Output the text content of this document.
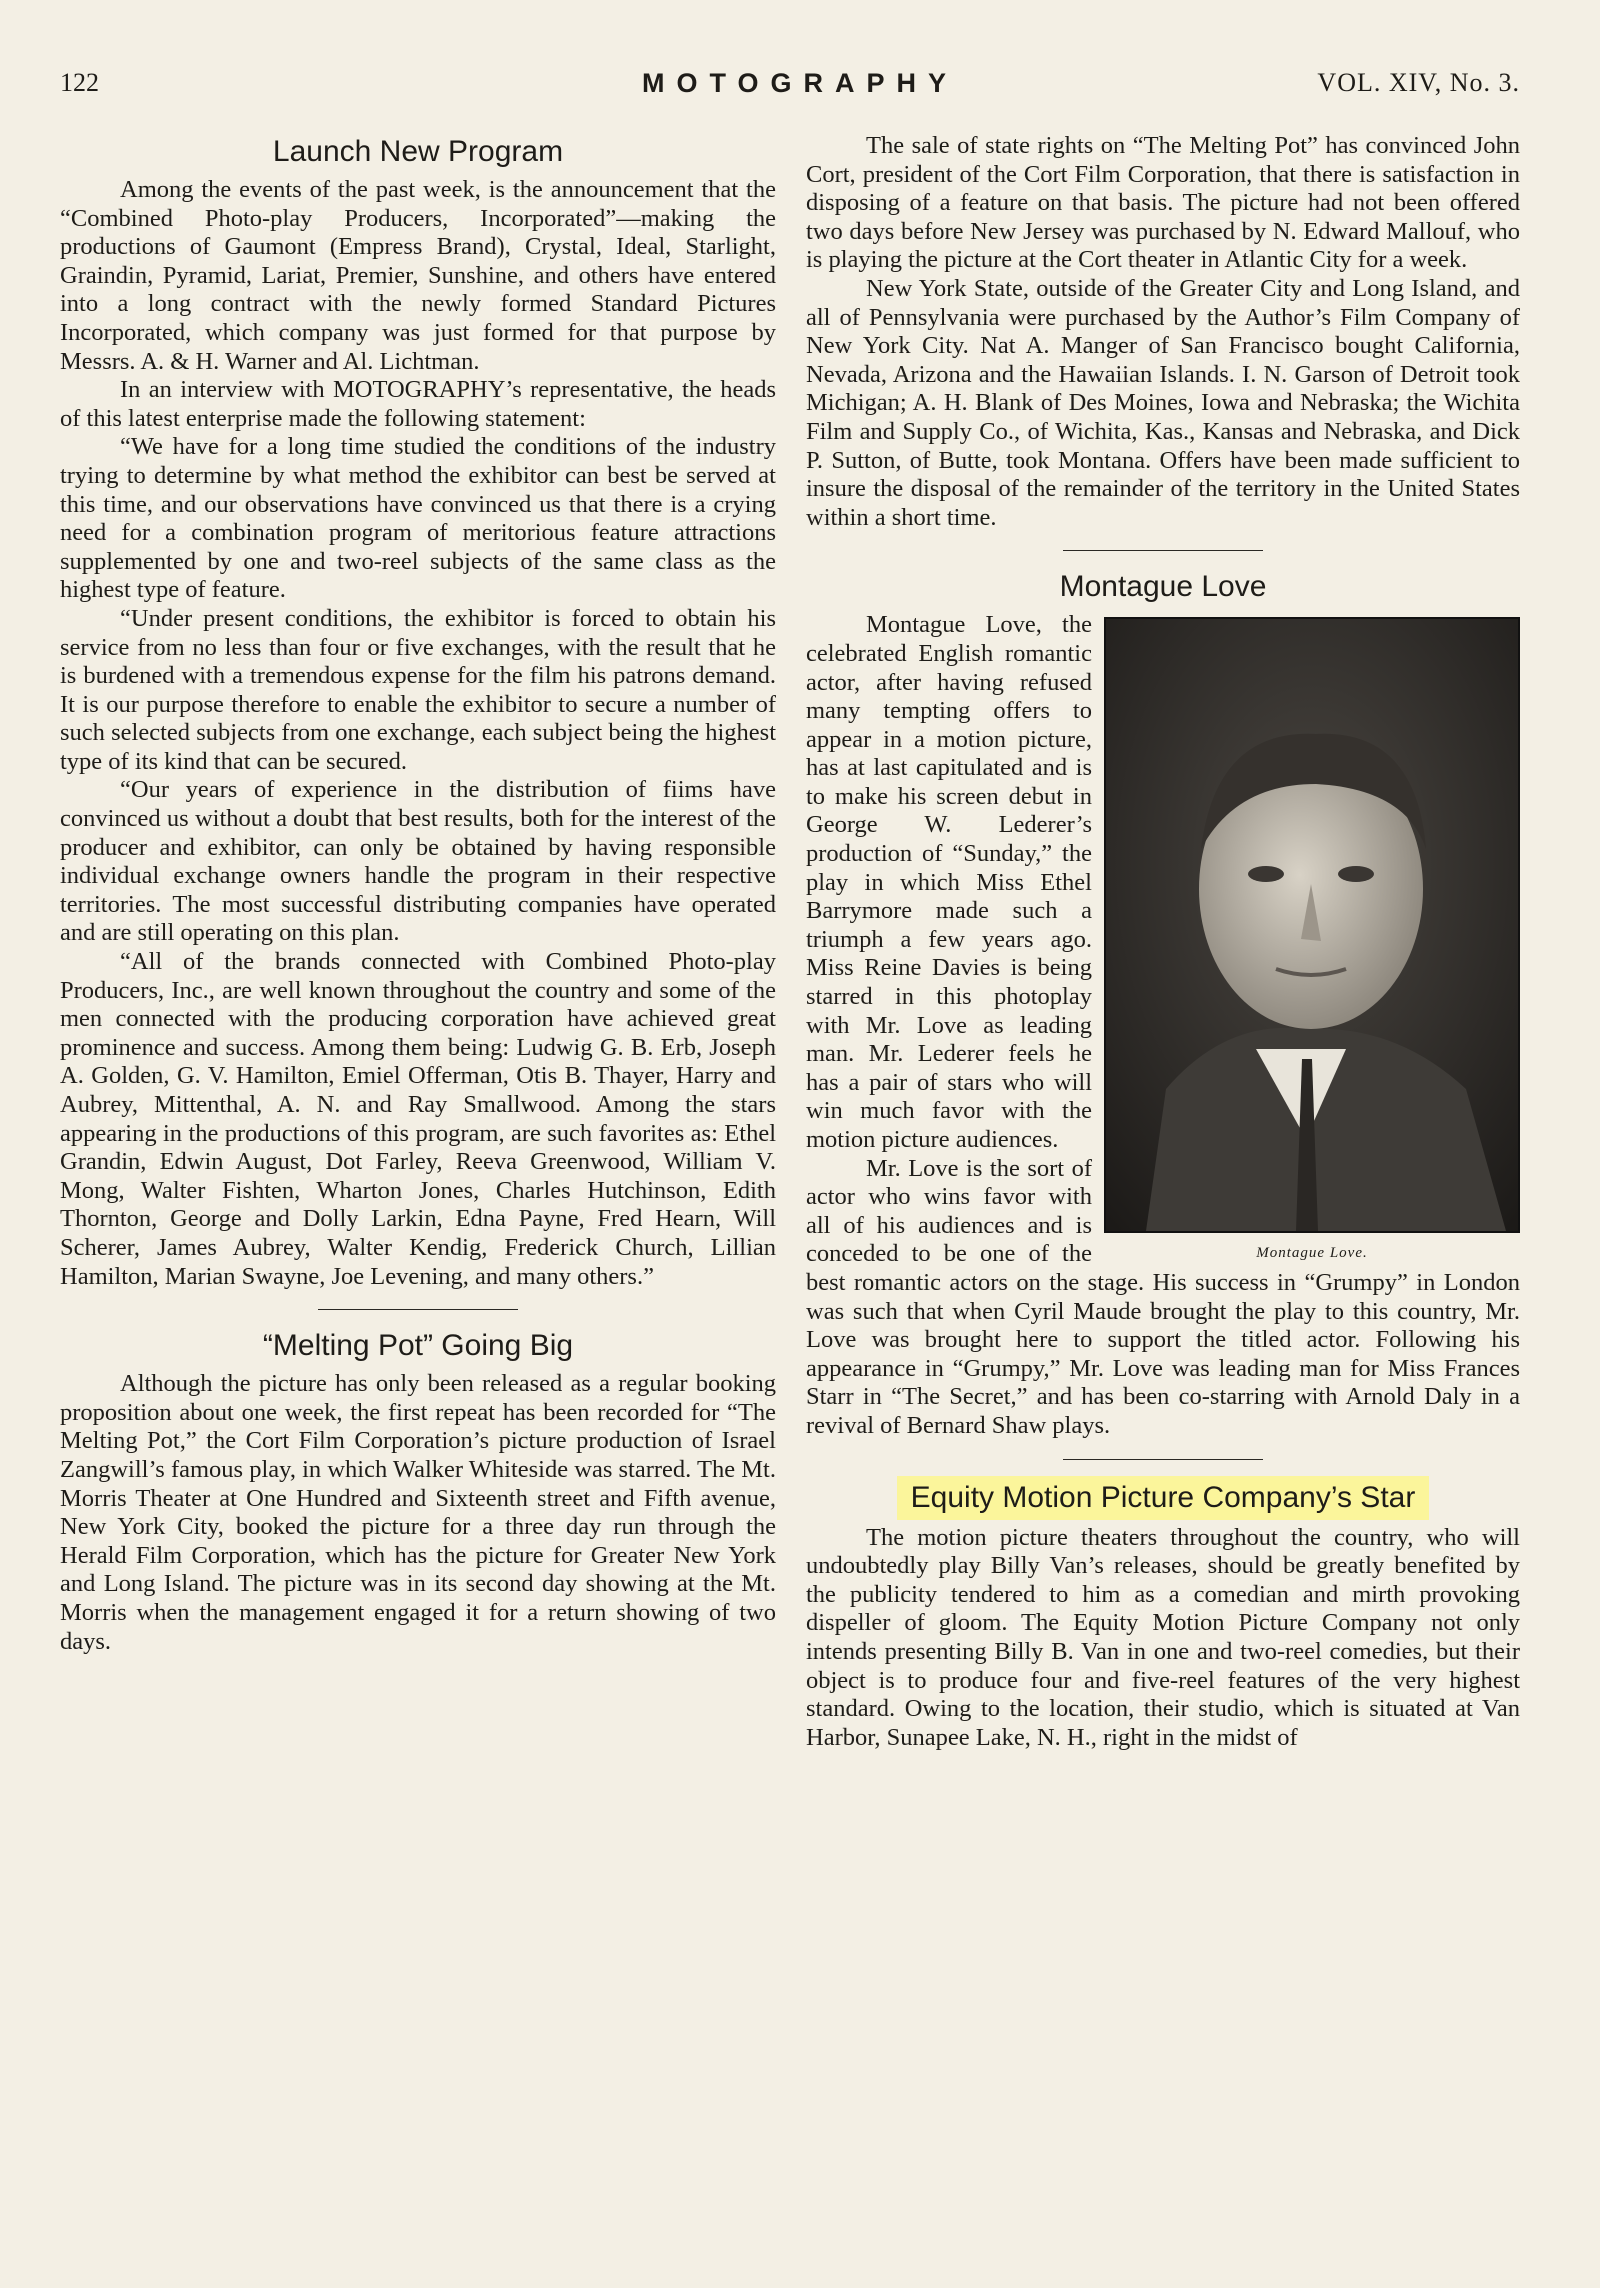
122	MOTOGRAPHY	VOL. XIV, No. 3.
Launch New Program

Among the events of the past week, is the announcement that the “Combined Photo-play Producers, Incorporated”—making the productions of Gaumont (Empress Brand), Crystal, Ideal, Starlight, Graindin, Pyramid, Lariat, Premier, Sunshine, and others have entered into a long contract with the newly formed Standard Pictures Incorporated, which company was just formed for that purpose by Messrs. A. & H. Warner and Al. Lichtman.

In an interview with MOTOGRAPHY’s representative, the heads of this latest enterprise made the following statement:

“We have for a long time studied the conditions of the industry trying to determine by what method the exhibitor can best be served at this time, and our observations have convinced us that there is a crying need for a combination program of meritorious feature attractions supplemented by one and two-reel subjects of the same class as the highest type of feature.

“Under present conditions, the exhibitor is forced to obtain his service from no less than four or five exchanges, with the result that he is burdened with a tremendous expense for the film his patrons demand. It is our purpose therefore to enable the exhibitor to secure a number of such selected subjects from one exchange, each subject being the highest type of its kind that can be secured.

“Our years of experience in the distribution of fiims have convinced us without a doubt that best results, both for the interest of the producer and exhibitor, can only be obtained by having responsible individual exchange owners handle the program in their respective territories. The most successful distributing companies have operated and are still operating on this plan.

“All of the brands connected with Combined Photo-play Producers, Inc., are well known throughout the country and some of the men connected with the producing corporation have achieved great prominence and success. Among them being: Ludwig G. B. Erb, Joseph A. Golden, G. V. Hamilton, Emiel Offerman, Otis B. Thayer, Harry and Aubrey, Mittenthal, A. N. and Ray Smallwood. Among the stars appearing in the productions of this program, are such favorites as: Ethel Grandin, Edwin August, Dot Farley, Reeva Greenwood, William V. Mong, Walter Fishten, Wharton Jones, Charles Hutchinson, Edith Thornton, George and Dolly Larkin, Edna Payne, Fred Hearn, Will Scherer, James Aubrey, Walter Kendig, Frederick Church, Lillian Hamilton, Marian Swayne, Joe Levening, and many others.”

“Melting Pot” Going Big

Although the picture has only been released as a regular booking proposition about one week, the first repeat has been recorded for “The Melting Pot,” the Cort Film Corporation’s picture production of Israel Zangwill’s famous play, in which Walker Whiteside was starred. The Mt. Morris Theater at One Hundred and Sixteenth street and Fifth avenue, New York City, booked the picture for a three day run through the Herald Film Corporation, which has the picture for Greater New York and Long Island. The picture was in its second day showing at the Mt. Morris when the management engaged it for a return showing of two days.

The sale of state rights on “The Melting Pot” has convinced John Cort, president of the Cort Film Corporation, that there is satisfaction in disposing of a feature on that basis. The picture had not been offered two days before New Jersey was purchased by N. Edward Mallouf, who is playing the picture at the Cort theater in Atlantic City for a week.

New York State, outside of the Greater City and Long Island, and all of Pennsylvania were purchased by the Author’s Film Company of New York City. Nat A. Manger of San Francisco bought California, Nevada, Arizona and the Hawaiian Islands. I. N. Garson of Detroit took Michigan; A. H. Blank of Des Moines, Iowa and Nebraska; the Wichita Film and Supply Co., of Wichita, Kas., Kansas and Nebraska, and Dick P. Sutton, of Butte, took Montana. Offers have been made sufficient to insure the disposal of the remainder of the territory in the United States within a short time.

Montague Love
Montague Love.

Montague Love, the celebrated English romantic actor, after having refused many tempting offers to appear in a motion picture, has at last capitulated and is to make his screen debut in George W. Lederer’s production of “Sunday,” the play in which Miss Ethel Barrymore made such a triumph a few years ago. Miss Reine Davies is being starred in this photoplay with Mr. Love as leading man. Mr. Lederer feels he has a pair of stars who will win much favor with the motion picture audiences.

Mr. Love is the sort of actor who wins favor with all of his audiences and is conceded to be one of the best romantic actors on the stage. His success in “Grumpy” in London was such that when Cyril Maude brought the play to this country, Mr. Love was brought here to support the titled actor. Following his appearance in “Grumpy,” Mr. Love was leading man for Miss Frances Starr in “The Secret,” and has been co-starring with Arnold Daly in a revival of Bernard Shaw plays.

Equity Motion Picture Company’s Star

The motion picture theaters throughout the country, who will undoubtedly play Billy Van’s releases, should be greatly benefited by the publicity tendered to him as a comedian and mirth provoking dispeller of gloom. The Equity Motion Picture Company not only intends presenting Billy B. Van in one and two-reel comedies, but their object is to produce four and five-reel features of the very highest standard. Owing to the location, their studio, which is situated at Van Harbor, Sunapee Lake, N. H., right in the midst of
